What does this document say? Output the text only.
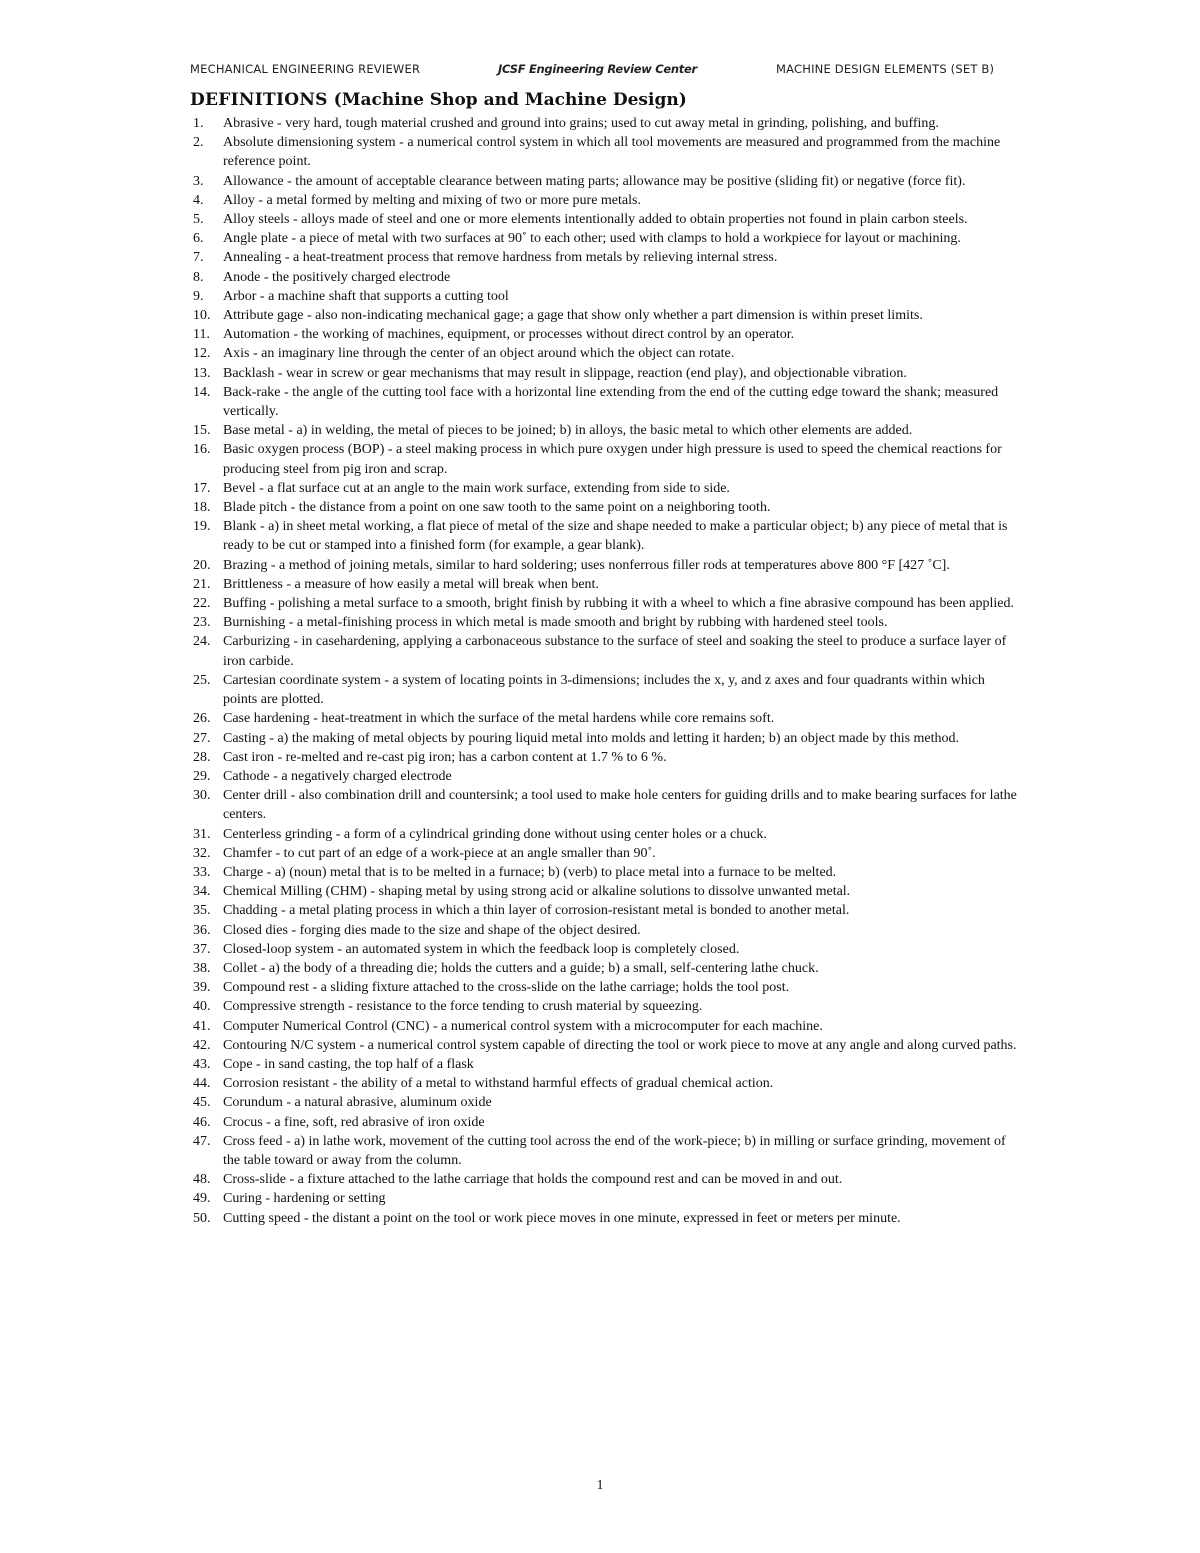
MECHANICAL ENGINEERING REVIEWER	JCSF Engineering Review Center	MACHINE DESIGN ELEMENTS (SET B)
DEFINITIONS (Machine Shop and Machine Design)
1.	Abrasive - very hard, tough material crushed and ground into grains; used to cut away metal in grinding, polishing, and buffing.
2.	Absolute dimensioning system - a numerical control system in which all tool movements are measured and programmed from the machine reference point.
3.	Allowance - the amount of acceptable clearance between mating parts; allowance may be positive (sliding fit) or negative (force fit).
4.	Alloy - a metal formed by melting and mixing of two or more pure metals.
5.	Alloy steels - alloys made of steel and one or more elements intentionally added to obtain properties not found in plain carbon steels.
6.	Angle plate - a piece of metal with two surfaces at 90˚ to each other; used with clamps to hold a workpiece for layout or machining.
7.	Annealing - a heat-treatment process that remove hardness from metals by relieving internal stress.
8.	Anode - the positively charged electrode
9.	Arbor - a machine shaft that supports a cutting tool
10. Attribute gage - also non-indicating mechanical gage; a gage that show only whether a part dimension is within preset limits.
11. Automation - the working of machines, equipment, or processes without direct control by an operator.
12. Axis - an imaginary line through the center of an object around which the object can rotate.
13. Backlash - wear in screw or gear mechanisms that may result in slippage, reaction (end play), and objectionable vibration.
14. Back-rake - the angle of the cutting tool face with a horizontal line extending from the end of the cutting edge toward the shank; measured vertically.
15. Base metal - a) in welding, the metal of pieces to be joined; b) in alloys, the basic metal to which other elements are added.
16. Basic oxygen process (BOP) - a steel making process in which pure oxygen under high pressure is used to speed the chemical reactions for producing steel from pig iron and scrap.
17. Bevel - a flat surface cut at an angle to the main work surface, extending from side to side.
18. Blade pitch - the distance from a point on one saw tooth to the same point on a neighboring tooth.
19. Blank - a) in sheet metal working, a flat piece of metal of the size and shape needed to make a particular object; b) any piece of metal that is ready to be cut or stamped into a finished form (for example, a gear blank).
20. Brazing - a method of joining metals, similar to hard soldering; uses nonferrous filler rods at temperatures above 800 °F [427 ˚C].
21. Brittleness - a measure of how easily a metal will break when bent.
22. Buffing - polishing a metal surface to a smooth, bright finish by rubbing it with a wheel to which a fine abrasive compound has been applied.
23. Burnishing - a metal-finishing process in which metal is made smooth and bright by rubbing with hardened steel tools.
24. Carburizing - in casehardening, applying a carbonaceous substance to the surface of steel and soaking the steel to produce a surface layer of iron carbide.
25. Cartesian coordinate system - a system of locating points in 3-dimensions; includes the x, y, and z axes and four quadrants within which points are plotted.
26. Case hardening - heat-treatment in which the surface of the metal hardens while core remains soft.
27. Casting - a) the making of metal objects by pouring liquid metal into molds and letting it harden; b) an object made by this method.
28. Cast iron - re-melted and re-cast pig iron; has a carbon content at 1.7 % to 6 %.
29. Cathode - a negatively charged electrode
30. Center drill - also combination drill and countersink; a tool used to make hole centers for guiding drills and to make bearing surfaces for lathe centers.
31. Centerless grinding - a form of a cylindrical grinding done without using center holes or a chuck.
32. Chamfer - to cut part of an edge of a work-piece at an angle smaller than 90˚.
33. Charge - a) (noun) metal that is to be melted in a furnace; b) (verb) to place metal into a furnace to be melted.
34. Chemical Milling (CHM) - shaping metal by using strong acid or alkaline solutions to dissolve unwanted metal.
35. Chadding - a metal plating process in which a thin layer of corrosion-resistant metal is bonded to another metal.
36. Closed dies - forging dies made to the size and shape of the object desired.
37. Closed-loop system - an automated system in which the feedback loop is completely closed.
38. Collet - a) the body of a threading die; holds the cutters and a guide; b) a small, self-centering lathe chuck.
39. Compound rest - a sliding fixture attached to the cross-slide on the lathe carriage; holds the tool post.
40. Compressive strength - resistance to the force tending to crush material by squeezing.
41. Computer Numerical Control (CNC) - a numerical control system with a microcomputer for each machine.
42. Contouring N/C system - a numerical control system capable of directing the tool or work piece to move at any angle and along curved paths.
43. Cope - in sand casting, the top half of a flask
44. Corrosion resistant - the ability of a metal to withstand harmful effects of gradual chemical action.
45. Corundum - a natural abrasive, aluminum oxide
46. Crocus - a fine, soft, red abrasive of iron oxide
47. Cross feed - a) in lathe work, movement of the cutting tool across the end of the work-piece; b) in milling or surface grinding, movement of the table toward or away from the column.
48. Cross-slide - a fixture attached to the lathe carriage that holds the compound rest and can be moved in and out.
49. Curing - hardening or setting
50. Cutting speed - the distant a point on the tool or work piece moves in one minute, expressed in feet or meters per minute.
1
